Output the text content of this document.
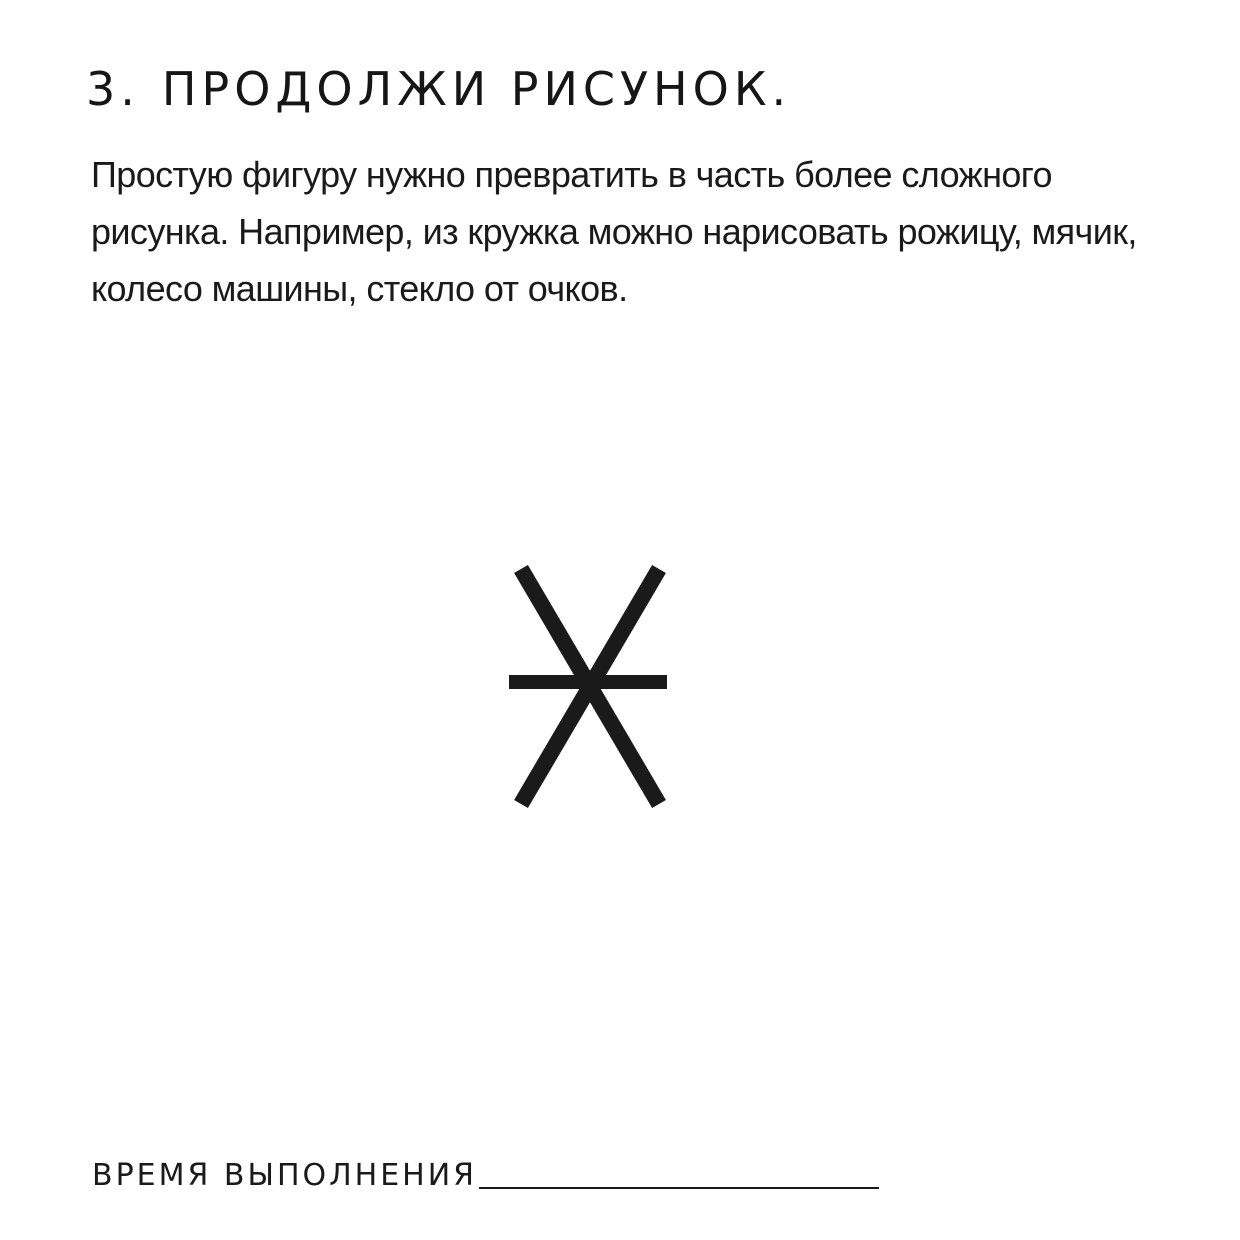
3. ПРОДОЛЖИ РИСУНОК.

Простую фигуру нужно превратить в часть более сложного рисунка. Например, из кружка можно нарисовать рожицу, мячик, колесо машины, стекло от очков.

ВРЕМЯ ВЫПОЛНЕНИЯ
